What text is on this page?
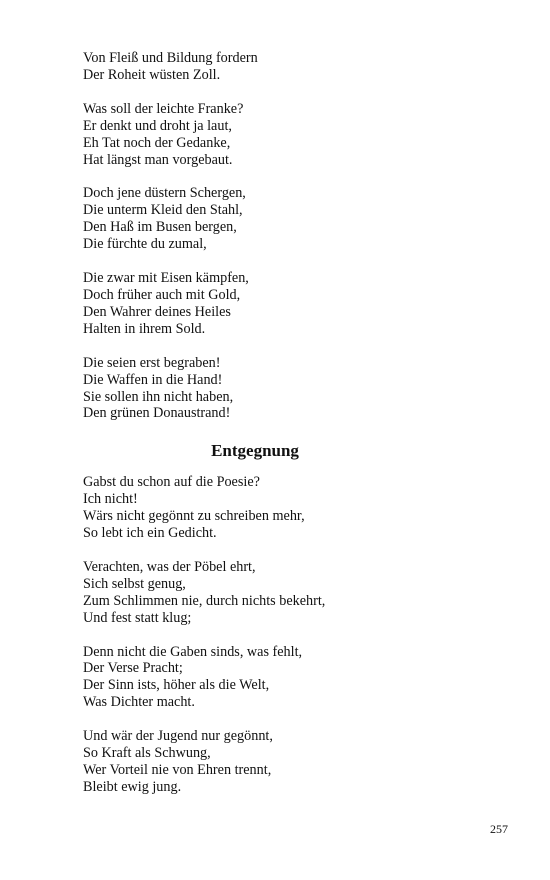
Von Fleiß und Bildung fordern
Der Roheit wüsten Zoll.
Was soll der leichte Franke?
Er denkt und droht ja laut,
Eh Tat noch der Gedanke,
Hat längst man vorgebaut.
Doch jene düstern Schergen,
Die unterm Kleid den Stahl,
Den Haß im Busen bergen,
Die fürchte du zumal,
Die zwar mit Eisen kämpfen,
Doch früher auch mit Gold,
Den Wahrer deines Heiles
Halten in ihrem Sold.
Die seien erst begraben!
Die Waffen in die Hand!
Sie sollen ihn nicht haben,
Den grünen Donaustrand!
Entgegnung
Gabst du schon auf die Poesie?
Ich nicht!
Wärs nicht gegönnt zu schreiben mehr,
So lebt ich ein Gedicht.
Verachten, was der Pöbel ehrt,
Sich selbst genug,
Zum Schlimmen nie, durch nichts bekehrt,
Und fest statt klug;
Denn nicht die Gaben sinds, was fehlt,
Der Verse Pracht;
Der Sinn ists, höher als die Welt,
Was Dichter macht.
Und wär der Jugend nur gegönnt,
So Kraft als Schwung,
Wer Vorteil nie von Ehren trennt,
Bleibt ewig jung.
257
